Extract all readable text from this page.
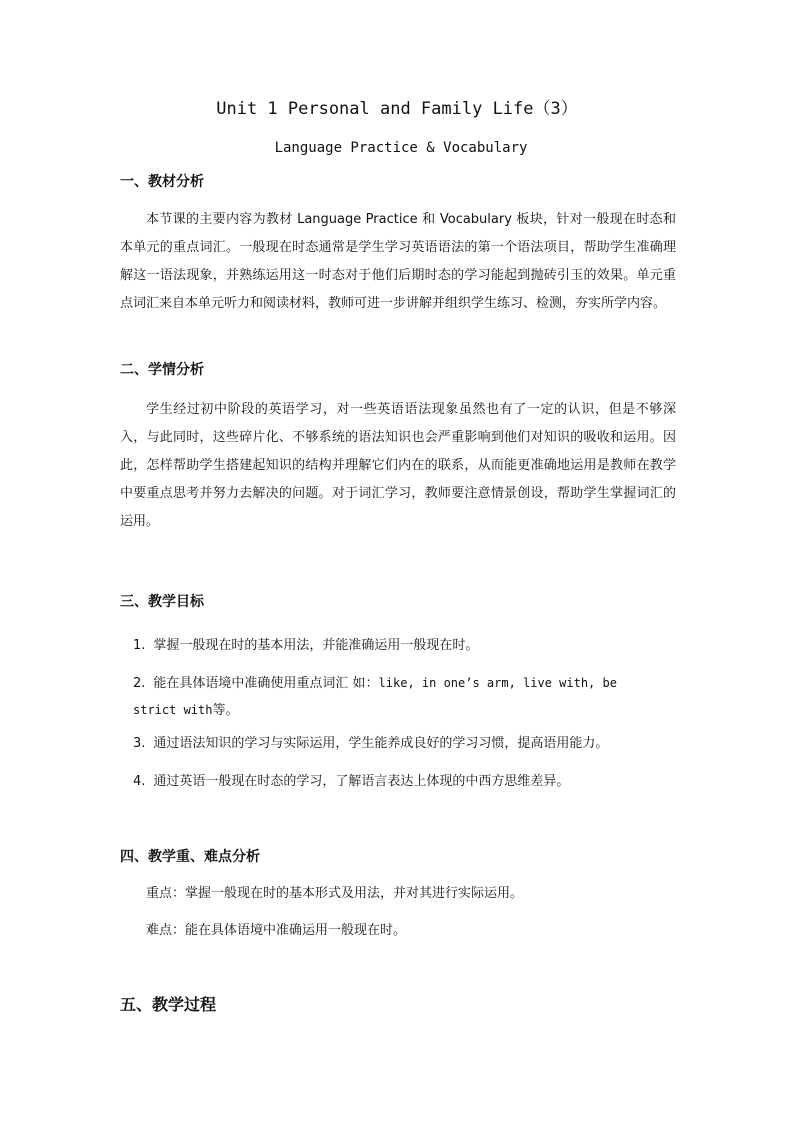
Unit 1 Personal and Family Life（3）
Language Practice & Vocabulary
一、教材分析
本节课的主要内容为教材 Language Practice 和 Vocabulary 板块，针对一般现在时态和本单元的重点词汇。一般现在时态通常是学生学习英语语法的第一个语法项目，帮助学生准确理解这一语法现象，并熟练运用这一时态对于他们后期时态的学习能起到抛砖引玉的效果。单元重点词汇来自本单元听力和阅读材料，教师可进一步讲解并组织学生练习、检测，夯实所学内容。
二、学情分析
学生经过初中阶段的英语学习，对一些英语语法现象虽然也有了一定的认识，但是不够深入，与此同时，这些碎片化、不够系统的语法知识也会严重影响到他们对知识的吸收和运用。因此，怎样帮助学生搭建起知识的结构并理解它们内在的联系，从而能更准确地运用是教师在教学中要重点思考并努力去解决的问题。对于词汇学习，教师要注意情景创设，帮助学生掌握词汇的运用。
三、教学目标
1. 掌握一般现在时的基本用法，并能准确运用一般现在时。
2. 能在具体语境中准确使用重点词汇 如：like, in one’s arm, live with, be
strict with等。
3. 通过语法知识的学习与实际运用，学生能养成良好的学习习惯，提高语用能力。
4. 通过英语一般现在时态的学习，了解语言表达上体现的中西方思维差异。
四、教学重、难点分析
重点：掌握一般现在时的基本形式及用法，并对其进行实际运用。
难点：能在具体语境中准确运用一般现在时。
五、教学过程
